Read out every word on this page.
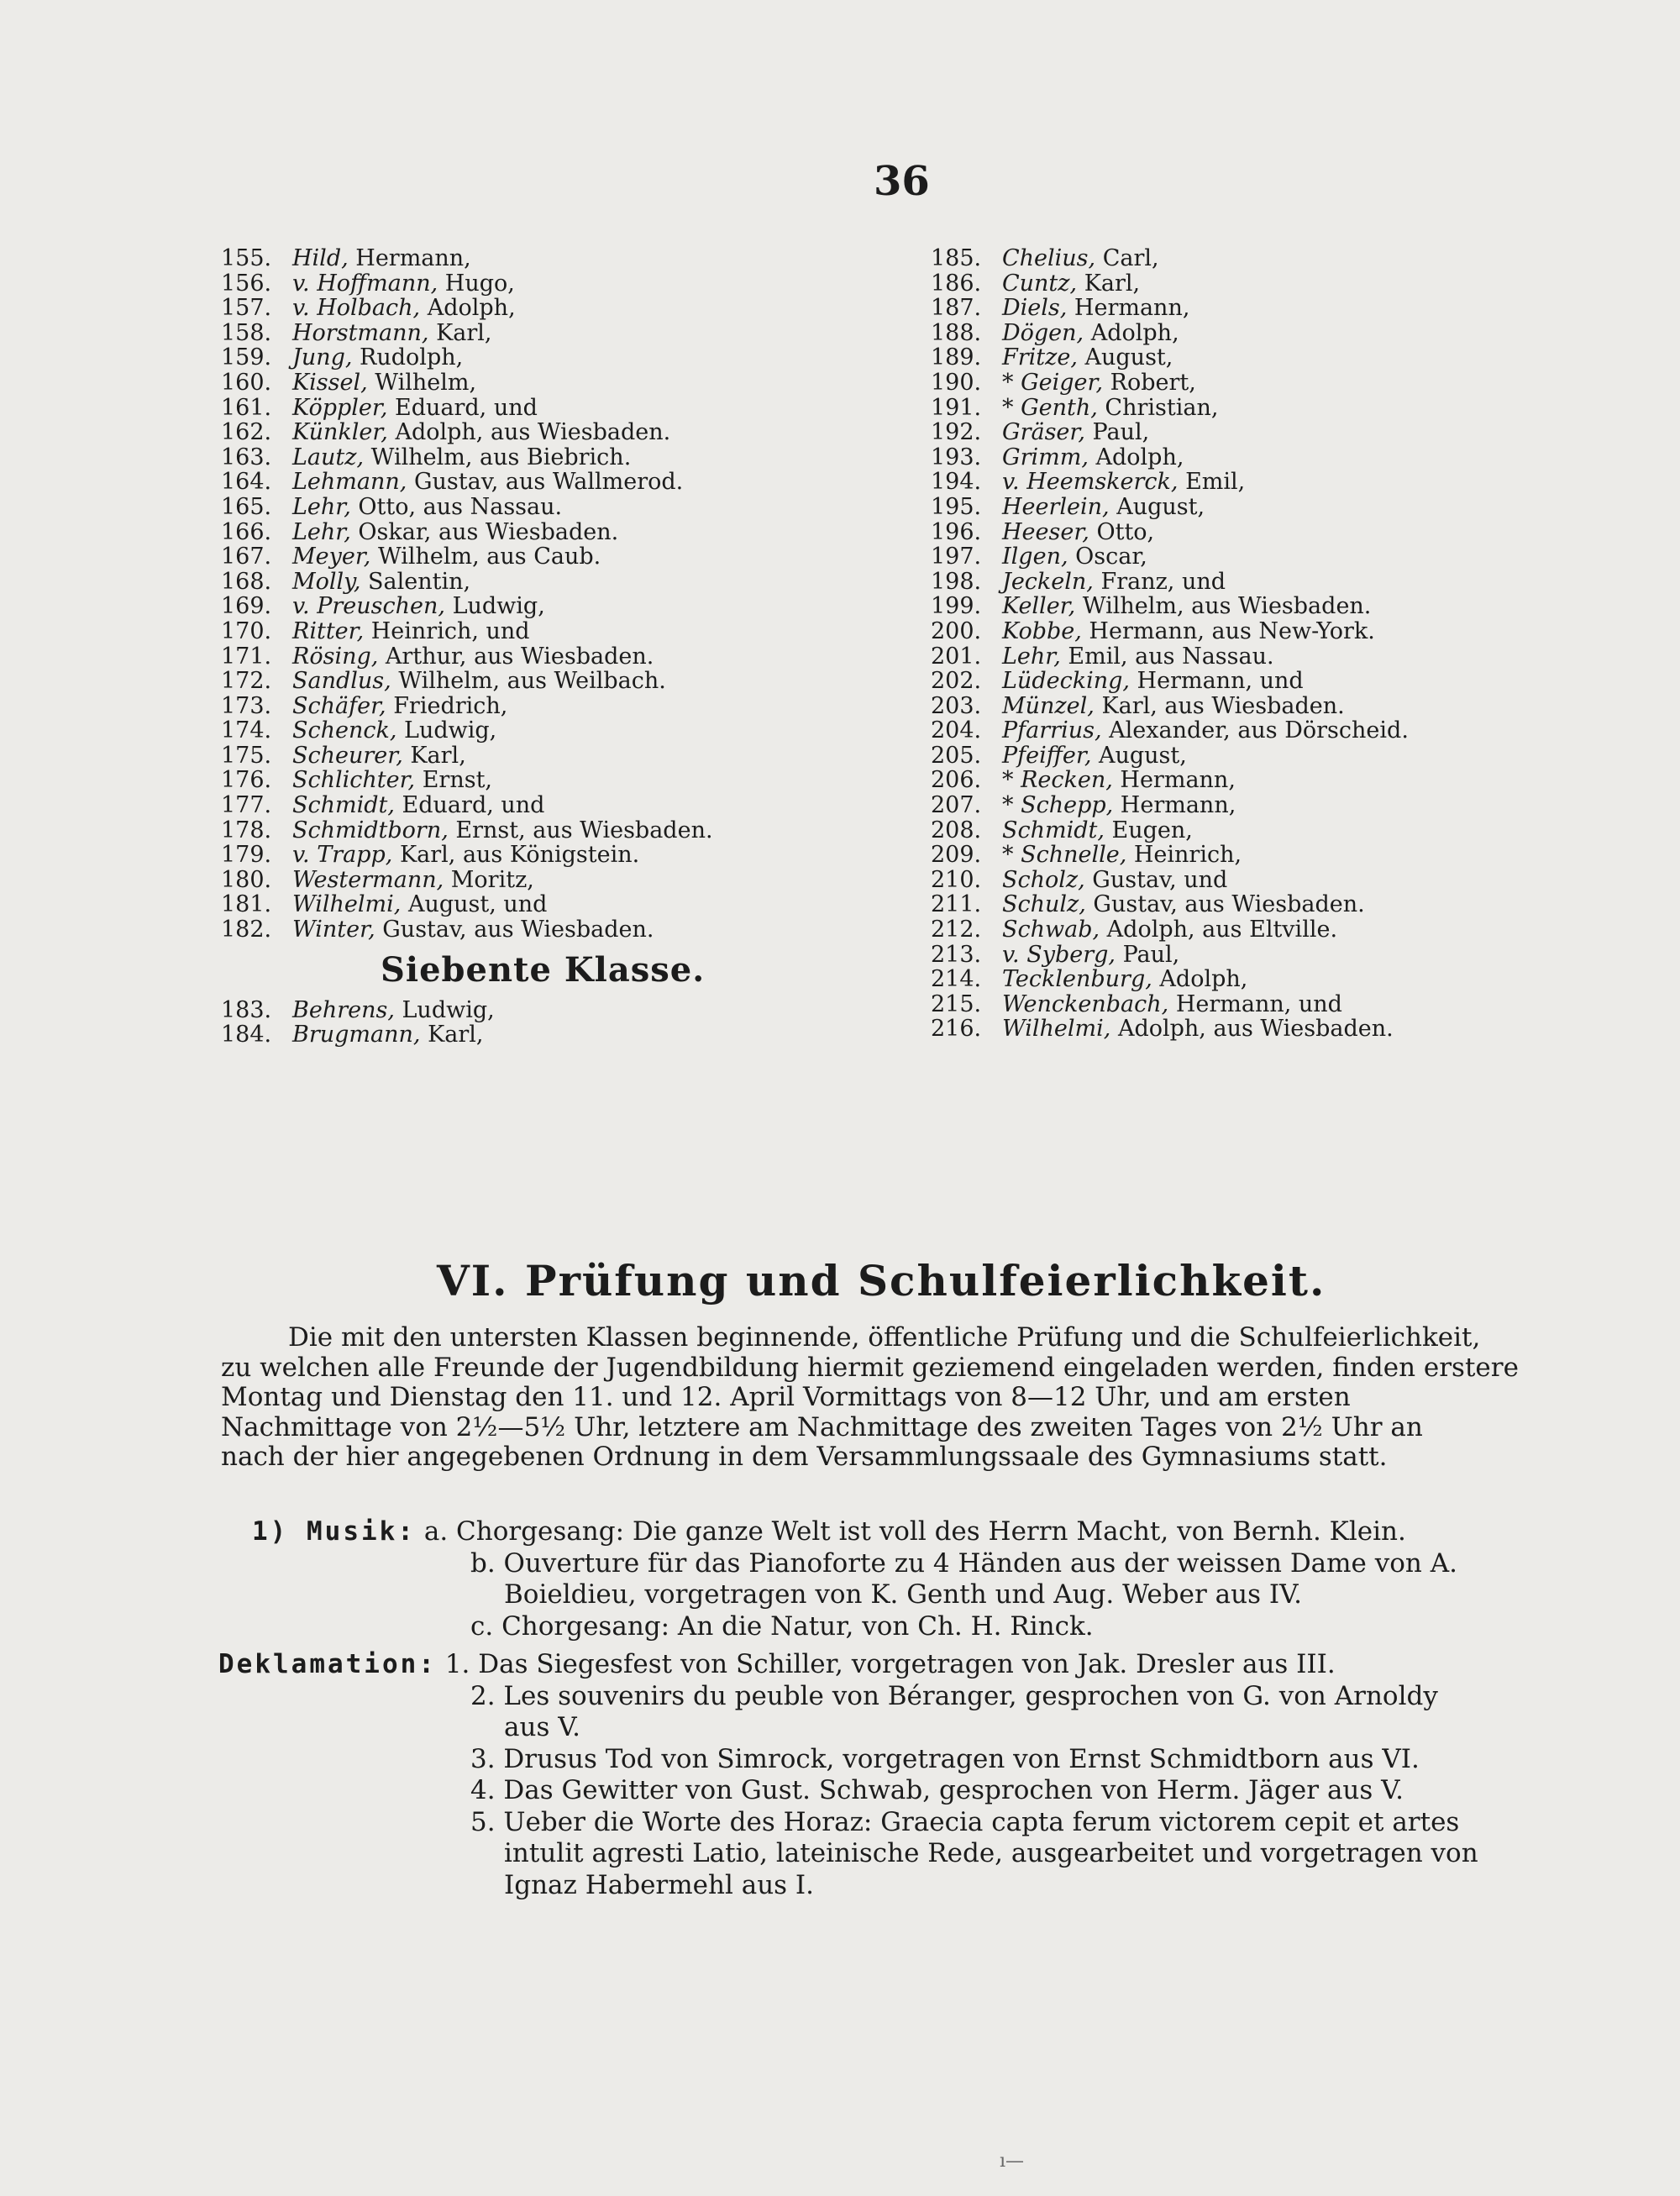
36
155. Hild, Hermann,
156. v. Hoffmann, Hugo,
157. v. Holbach, Adolph,
158. Horstmann, Karl,
159. Jung, Rudolph,
160. Kissel, Wilhelm,
161. Köppler, Eduard, und
162. Künkler, Adolph, aus Wiesbaden.
163. Lautz, Wilhelm, aus Biebrich.
164. Lehmann, Gustav, aus Wallmerod.
165. Lehr, Otto, aus Nassau.
166. Lehr, Oskar, aus Wiesbaden.
167. Meyer, Wilhelm, aus Caub.
168. Molly, Salentin,
169. v. Preuschen, Ludwig,
170. Ritter, Heinrich, und
171. Rösing, Arthur, aus Wiesbaden.
172. Sandlus, Wilhelm, aus Weilbach.
173. Schäfer, Friedrich,
174. Schenck, Ludwig,
175. Scheurer, Karl,
176. Schlichter, Ernst,
177. Schmidt, Eduard, und
178. Schmidtborn, Ernst, aus Wiesbaden.
179. v. Trapp, Karl, aus Königstein.
180. Westermann, Moritz,
181. Wilhelmi, August, und
182. Winter, Gustav, aus Wiesbaden.
Siebente Klasse.
183. Behrens, Ludwig,
184. Brugmann, Karl,
185. Chelius, Carl,
186. Cuntz, Karl,
187. Diels, Hermann,
188. Dögen, Adolph,
189. Fritze, August,
190. * Geiger, Robert,
191. * Genth, Christian,
192. Gräser, Paul,
193. Grimm, Adolph,
194. v. Heemskerck, Emil,
195. Heerlein, August,
196. Heeser, Otto,
197. Ilgen, Oscar,
198. Jeckeln, Franz, und
199. Keller, Wilhelm, aus Wiesbaden.
200. Kobbe, Hermann, aus New-York.
201. Lehr, Emil, aus Nassau.
202. Lüdecking, Hermann, und
203. Münzel, Karl, aus Wiesbaden.
204. Pfarrius, Alexander, aus Dörscheid.
205. Pfeiffer, August,
206. * Recken, Hermann,
207. * Schepp, Hermann,
208. Schmidt, Eugen,
209. * Schnelle, Heinrich,
210. Scholz, Gustav, und
211. Schulz, Gustav, aus Wiesbaden.
212. Schwab, Adolph, aus Eltville.
213. v. Syberg, Paul,
214. Tecklenburg, Adolph,
215. Wenckenbach, Hermann, und
216. Wilhelmi, Adolph, aus Wiesbaden.
VI. Prüfung und Schulfeierlichkeit.

Die mit den untersten Klassen beginnende, öffentliche Prüfung und die Schulfeierlichkeit,

zu welchen alle Freunde der Jugendbildung hiermit geziemend eingeladen werden, finden erstere

Montag und Dienstag den 11. und 12. April Vormittags von 8—12 Uhr, und am ersten

Nachmittage von 2½—5½ Uhr, letztere am Nachmittage des zweiten Tages von 2½ Uhr an

nach der hier angegebenen Ordnung in dem Versammlungssaale des Gymnasiums statt.

1) Musik: a. Chorgesang: Die ganze Welt ist voll des Herrn Macht, von Bernh. Klein.
b. Ouverture für das Pianoforte zu 4 Händen aus der weissen Dame von A.
Boieldieu, vorgetragen von K. Genth und Aug. Weber aus IV.
c. Chorgesang: An die Natur, von Ch. H. Rinck.
Deklamation: 1. Das Siegesfest von Schiller, vorgetragen von Jak. Dresler aus III.
2. Les souvenirs du peuble von Béranger, gesprochen von G. von Arnoldy
aus V.
3. Drusus Tod von Simrock, vorgetragen von Ernst Schmidtborn aus VI.
4. Das Gewitter von Gust. Schwab, gesprochen von Herm. Jäger aus V.
5. Ueber die Worte des Horaz: Graecia capta ferum victorem cepit et artes
intulit agresti Latio, lateinische Rede, ausgearbeitet und vorgetragen von
Ignaz Habermehl aus I.
ı—
